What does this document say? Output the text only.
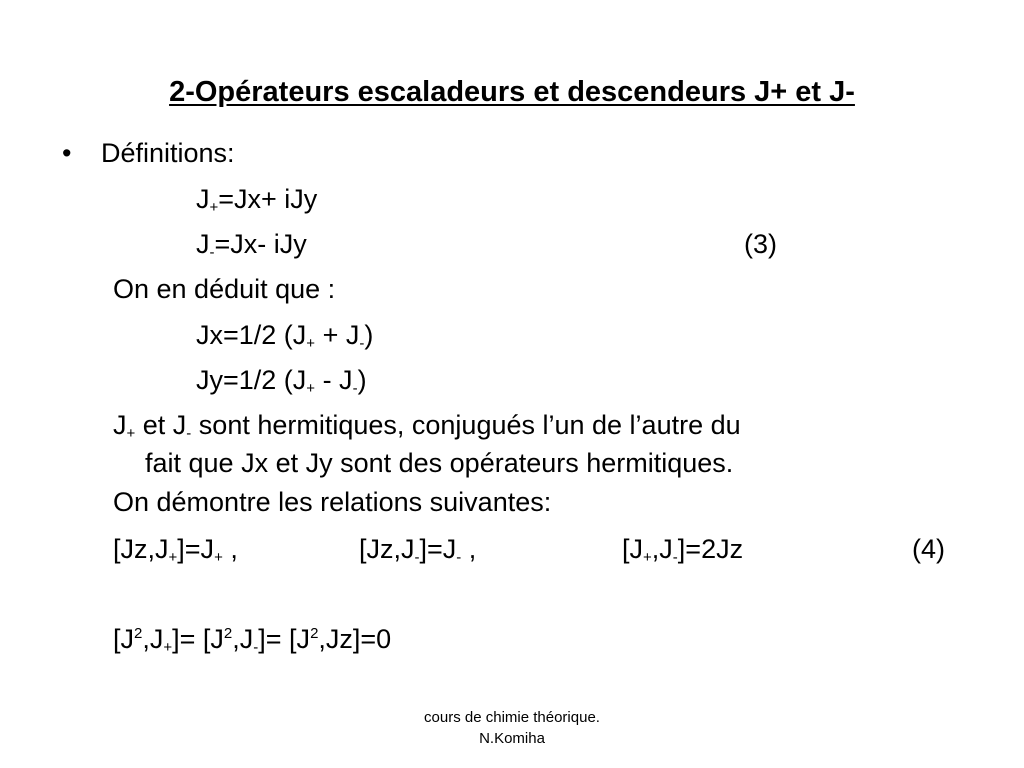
2-Opérateurs escaladeurs et descendeurs J+ et J-
• Définitions:
$J_+=Jx+$ iJy
$J_-=Jx-$ iJy	(3)
On en déduit que :
Jx=1/2 $(J_+ + J_-)$
Jy=1/2 $(J_+ - J_-)$
$J_+$ et $J_-$ sont hermitiques, conjugués l’un de l’autre du
fait que Jx et Jy sont des opérateurs hermitiques.
On démontre les relations suivantes:
$[Jz,J_+]=J_+$ ,	$[Jz,J_-]=J_-$ ,	$[J_+,J_-]=2Jz$	(4)
$[J^2,J_+]= [J^2,J_-]= [J^2,Jz]=0$
cours de chimie théorique.
N.Komiha
